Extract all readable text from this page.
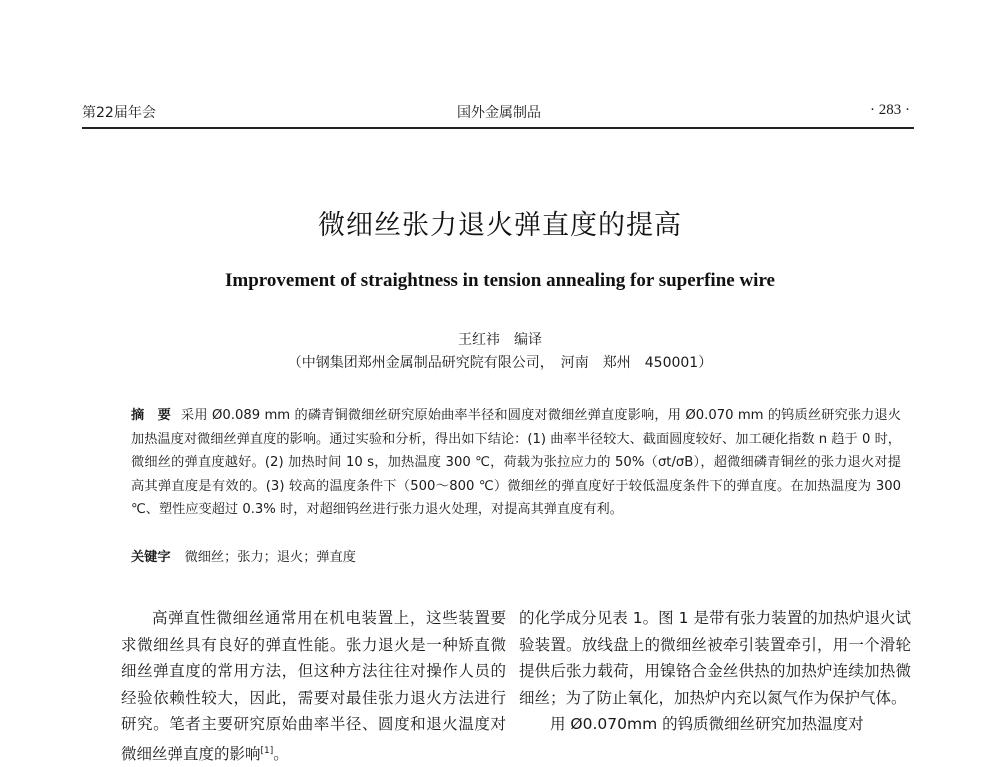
第22届年会	国外金属制品	· 283 ·
微细丝张力退火弹直度的提高
Improvement of straightness in tension annealing for superfine wire
王红祎　编译
（中钢集团郑州金属制品研究院有限公司，　河南　郑州　450001）
摘　要 采用 Ø0.089 mm 的磷青铜微细丝研究原始曲率半径和圆度对微细丝弹直度影响，用 Ø0.070 mm 的钨质丝研究张力退火加热温度对微细丝弹直度的影响。通过实验和分析，得出如下结论：(1) 曲率半径较大、截面圆度较好、加工硬化指数 n 趋于 0 时，微细丝的弹直度越好。(2) 加热时间 10 s，加热温度 300 ℃，荷载为张拉应力的 50%（σt/σB），超微细磷青铜丝的张力退火对提高其弹直度是有效的。(3) 较高的温度条件下（500～800 ℃）微细丝的弹直度好于较低温度条件下的弹直度。在加热温度为 300 ℃、塑性应变超过 0.3% 时，对超细钨丝进行张力退火处理，对提高其弹直度有利。
关键字 微细丝；张力；退火；弹直度

高弹直性微细丝通常用在机电装置上，这些装置要求微细丝具有良好的弹直性能。张力退火是一种矫直微细丝弹直度的常用方法，但这种方法往往对操作人员的经验依赖性较大，因此，需要对最佳张力退火方法进行研究。笔者主要研究原始曲率半径、圆度和退火温度对微细丝弹直度的影响[1]。

的化学成分见表 1。图 1 是带有张力装置的加热炉退火试验装置。放线盘上的微细丝被牵引装置牵引，用一个滑轮提供后张力载荷，用镍铬合金丝供热的加热炉连续加热微细丝；为了防止氧化，加热炉内充以氮气作为保护气体。

用 Ø0.070mm 的钨质微细丝研究加热温度对
